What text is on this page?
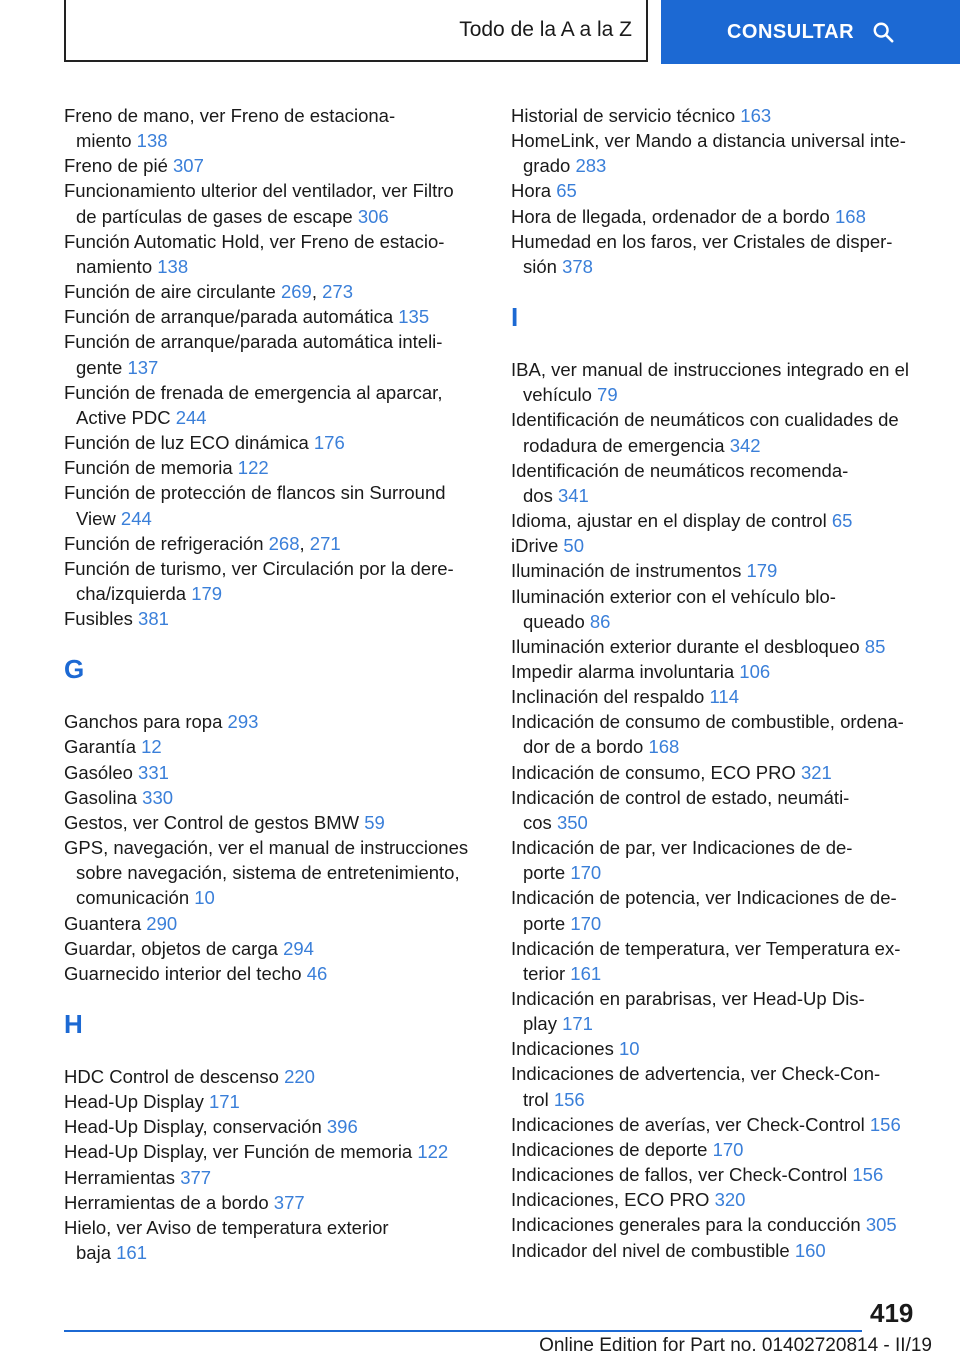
Todo de la A a la Z	CONSULTAR

Freno de mano, ver Freno de estaciona-
miento 138

Freno de pié 307

Funcionamiento ulterior del ventilador, ver Filtro
de partículas de gases de escape 306

Función Automatic Hold, ver Freno de estacio-
namiento 138

Función de aire circulante 269, 273

Función de arranque/parada automática 135

Función de arranque/parada automática inteli-
gente 137

Función de frenada de emergencia al aparcar,
Active PDC 244

Función de luz ECO dinámica 176

Función de memoria 122

Función de protección de flancos sin Surround
View 244

Función de refrigeración 268, 271

Función de turismo, ver Circulación por la dere-
cha/izquierda 179

Fusibles 381

G

Ganchos para ropa 293

Garantía 12

Gasóleo 331

Gasolina 330

Gestos, ver Control de gestos BMW 59

GPS, navegación, ver el manual de instrucciones
sobre navegación, sistema de entretenimiento,
comunicación 10

Guantera 290

Guardar, objetos de carga 294

Guarnecido interior del techo 46

H

HDC Control de descenso 220

Head-Up Display 171

Head-Up Display, conservación 396

Head-Up Display, ver Función de memoria 122

Herramientas 377

Herramientas de a bordo 377

Hielo, ver Aviso de temperatura exterior
baja 161

Historial de servicio técnico 163

HomeLink, ver Mando a distancia universal inte-
grado 283

Hora 65

Hora de llegada, ordenador de a bordo 168

Humedad en los faros, ver Cristales de disper-
sión 378

I

IBA, ver manual de instrucciones integrado en el
vehículo 79

Identificación de neumáticos con cualidades de
rodadura de emergencia 342

Identificación de neumáticos recomenda-
dos 341

Idioma, ajustar en el display de control 65

iDrive 50

Iluminación de instrumentos 179

Iluminación exterior con el vehículo blo-
queado 86

Iluminación exterior durante el desbloqueo 85

Impedir alarma involuntaria 106

Inclinación del respaldo 114

Indicación de consumo de combustible, ordena-
dor de a bordo 168

Indicación de consumo, ECO PRO 321

Indicación de control de estado, neumáti-
cos 350

Indicación de par, ver Indicaciones de de-
porte 170

Indicación de potencia, ver Indicaciones de de-
porte 170

Indicación de temperatura, ver Temperatura ex-
terior 161

Indicación en parabrisas, ver Head-Up Dis-
play 171

Indicaciones 10

Indicaciones de advertencia, ver Check-Con-
trol 156

Indicaciones de averías, ver Check-Control 156

Indicaciones de deporte 170

Indicaciones de fallos, ver Check-Control 156

Indicaciones, ECO PRO 320

Indicaciones generales para la conducción 305

Indicador del nivel de combustible 160

419
Online Edition for Part no. 01402720814 - II/19
